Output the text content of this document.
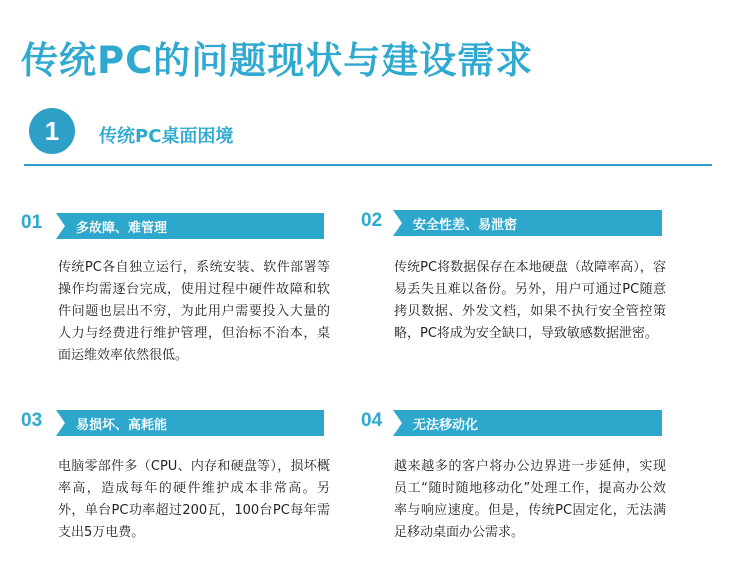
传统PC的问题现状与建设需求
1	传统PC桌面困境
01	多故障、难管理
传统PC各自独立运行，系统安装、软件部署等操作均需逐台完成，使用过程中硬件故障和软件问题也层出不穷，为此用户需要投入大量的人力与经费进行维护管理，但治标不治本，桌面运维效率依然很低。
02	安全性差、易泄密
传统PC将数据保存在本地硬盘（故障率高），容易丢失且难以备份。另外，用户可通过PC随意拷贝数据、外发文档，如果不执行安全管控策略，PC将成为安全缺口，导致敏感数据泄密。
03	易损坏、高耗能
电脑零部件多（CPU、内存和硬盘等），损坏概率高，造成每年的硬件维护成本非常高。另外，单台PC功率超过200瓦，100台PC每年需支出5万电费。
04	无法移动化
越来越多的客户将办公边界进一步延伸，实现员工“随时随地移动化”处理工作，提高办公效率与响应速度。但是，传统PC固定化，无法满足移动桌面办公需求。
